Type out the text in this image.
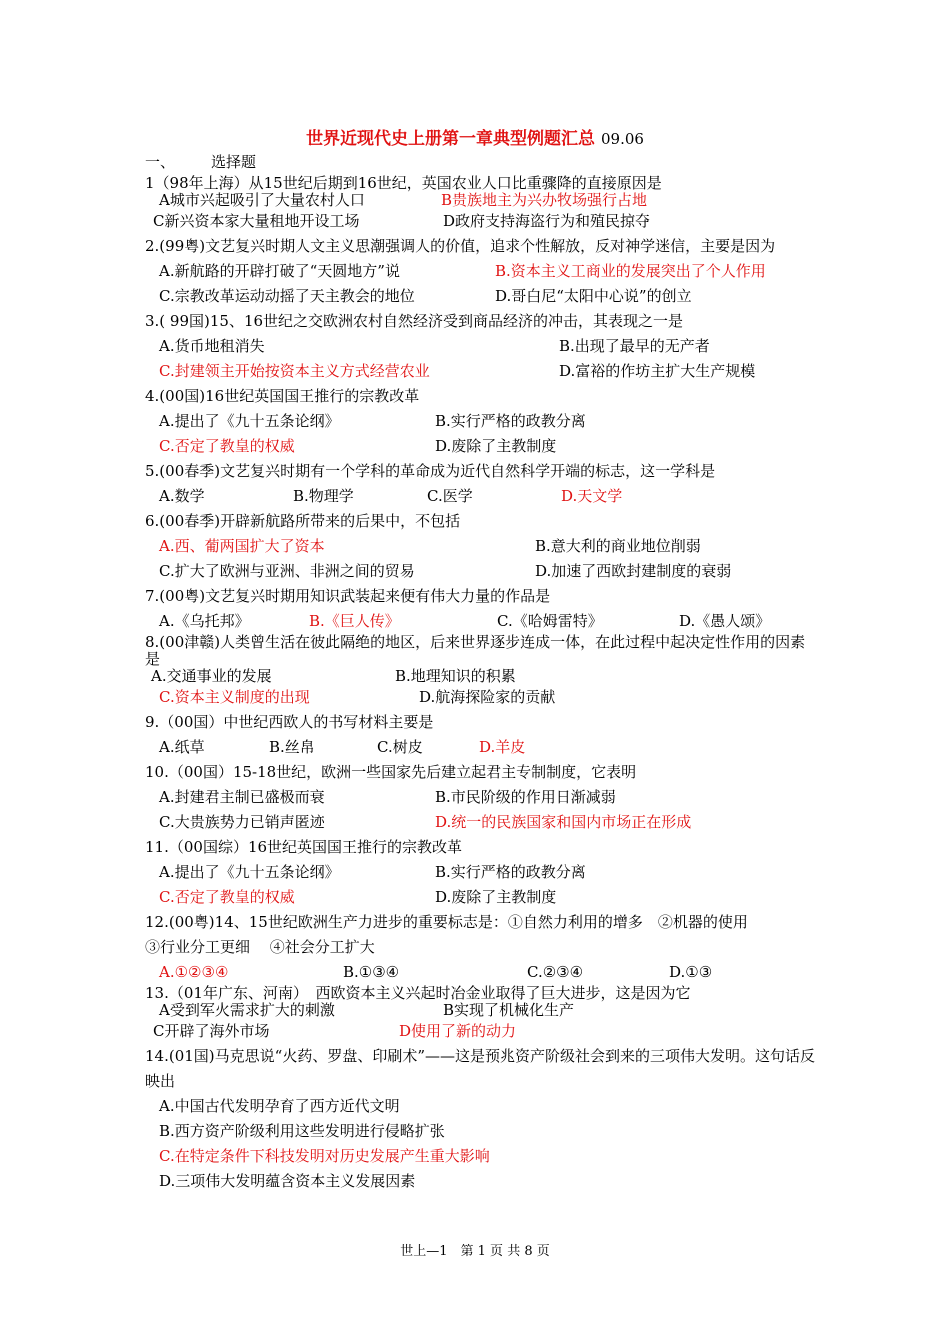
世界近现代史上册第一章典型例题汇总 09.06
一、 选择题
1（98年上海）从15世纪后期到16世纪，英国农业人口比重骤降的直接原因是
A城市兴起吸引了大量农村人口	B贵族地主为兴办牧场强行占地
C新兴资本家大量租地开设工场	D政府支持海盗行为和殖民掠夺
2.(99粤)文艺复兴时期人文主义思潮强调人的价值，追求个性解放，反对神学迷信，主要是因为
A.新航路的开辟打破了“天圆地方”说	B.资本主义工商业的发展突出了个人作用
C.宗教改革运动动摇了天主教会的地位	D.哥白尼“太阳中心说”的创立
3.( 99国)15、16世纪之交欧洲农村自然经济受到商品经济的冲击，其表现之一是
A.货币地租消失	B.出现了最早的无产者
C.封建领主开始按资本主义方式经营农业	D.富裕的作坊主扩大生产规模
4.(00国)16世纪英国国王推行的宗教改革
A.提出了《九十五条论纲》	B.实行严格的政教分离
C.否定了教皇的权威	D.废除了主教制度
5.(00春季)文艺复兴时期有一个学科的革命成为近代自然科学开端的标志，这一学科是
A.数学	B.物理学	C.医学	D.天文学
6.(00春季)开辟新航路所带来的后果中，不包括
A.西、葡两国扩大了资本	B.意大利的商业地位削弱
C.扩大了欧洲与亚洲、非洲之间的贸易	D.加速了西欧封建制度的衰弱
7.(00粤)文艺复兴时期用知识武装起来便有伟大力量的作品是
A.《乌托邦》	B.《巨人传》	C.《哈姆雷特》	D.《愚人颂》
8.(00津赣)人类曾生活在彼此隔绝的地区，后来世界逐步连成一体，在此过程中起决定性作用的因素是
A.交通事业的发展	B.地理知识的积累
C.资本主义制度的出现	D.航海探险家的贡献
9.（00国）中世纪西欧人的书写材料主要是
A.纸草	B.丝帛	C.树皮	D.羊皮
10.（00国）15-18世纪，欧洲一些国家先后建立起君主专制制度，它表明
A.封建君主制已盛极而衰	B.市民阶级的作用日渐减弱
C.大贵族势力已销声匿迹	D.统一的民族国家和国内市场正在形成
11.（00国综）16世纪英国国王推行的宗教改革
A.提出了《九十五条论纲》	B.实行严格的政教分离
C.否定了教皇的权威	D.废除了主教制度
12.(00粤)14、15世纪欧洲生产力进步的重要标志是：①自然力利用的增多　②机器的使用
③行业分工更细　 ④社会分工扩大
A.①②③④	B.①③④	C.②③④	D.①③
13.（01年广东、河南）　西欧资本主义兴起时冶金业取得了巨大进步，这是因为它
A受到军火需求扩大的刺激	B实现了机械化生产
C开辟了海外市场	D使用了新的动力
14.(01国)马克思说“火药、罗盘、印刷术”——这是预兆资产阶级社会到来的三项伟大发明。这句话反映出
A.中国古代发明孕育了西方近代文明
B.西方资产阶级利用这些发明进行侵略扩张
C.在特定条件下科技发明对历史发展产生重大影响
D.三项伟大发明蕴含资本主义发展因素
世上—1　第 1 页 共 8 页
